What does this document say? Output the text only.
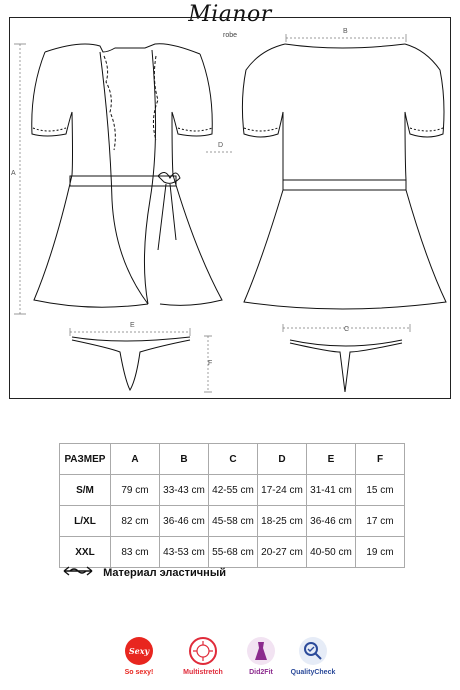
Mianor
robe
A
B
C
D
E
F
РАЗМЕР	A	B	C	D	E	F
S/M	79 cm	33-43 cm	42-55 cm	17-24 cm	31-41 cm	15 cm
L/XL	82 cm	36-46 cm	45-58 cm	18-25 cm	36-46 cm	17 cm
XXL	83 cm	43-53 cm	55-68 cm	20-27 cm	40-50 cm	19 cm
Материал эластичный
Sexy
So sexy!	Multistretch	Did2Fit	QualityCheck
